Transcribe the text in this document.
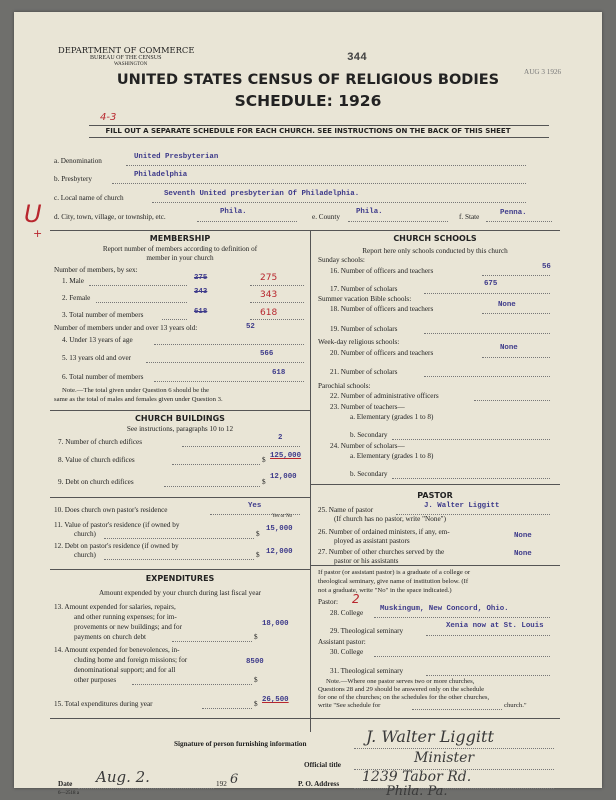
DEPARTMENT OF COMMERCE
BUREAU OF THE CENSUS
WASHINGTON
344
AUG 3 1926
UNITED STATES CENSUS OF RELIGIOUS BODIES
SCHEDULE: 1926
4-3
FILL OUT A SEPARATE SCHEDULE FOR EACH CHURCH. SEE INSTRUCTIONS ON THE BACK OF THIS SHEET
a. Denomination	United Presbyterian
b. Presbytery	Philadelphia
c. Local name of church	Seventh United presbyterian Of Philadelphia.
U
+
d. City, town, village, or township, etc.
Phila.
e. County
Phila.
f. State	Penna.
MEMBERSHIP
Report number of members according to definition of
member in your church
Number of members, by sex:
1. Male	275	275
2. Female
343	343
3. Total number of members	618	618
Number of members under and over 13 years old:	52
4. Under 13 years of age
5. 13 years old and over	566
6. Total number of members	618
Note.—The total given under Question 6 should be the
same as the total of males and females given under Question 3.
CHURCH BUILDINGS
See instructions, paragraphs 10 to 12
7. Number of church edifices	2
8. Value of church edifices	$ 125,000
9. Debt on church edifices	$
12,000
10. Does church own pastor's residence	Yes
Yes or No
11. Value of pastor's residence (if owned by
church)	$
15,000
12. Debt on pastor's residence (if owned by
church)	$ 12,000
EXPENDITURES
Amount expended by your church during last fiscal year
13. Amount expended for salaries, repairs,
and other running expenses; for im-
provements or new buildings; and for
payments on church debt	$
18,000
14. Amount expended for benevolences, in-
cluding home and foreign missions; for
denominational support; and for all
other purposes	$
8500
15. Total expenditures during year	$ 26,500
CHURCH SCHOOLS
Report here only schools conducted by this church
Sunday schools:
16. Number of officers and teachers	56
17. Number of scholars
675
Summer vacation Bible schools:
18. Number of officers and teachers	None
19. Number of scholars
Week-day religious schools:
20. Number of officers and teachers
None
21. Number of scholars
Parochial schools:
22. Number of administrative officers
23. Number of teachers—
a. Elementary (grades 1 to 8)
b. Secondary
24. Number of scholars—
a. Elementary (grades 1 to 8)
b. Secondary
PASTOR
25. Name of pastor	J. Walter Liggitt
(If church has no pastor, write "None")
26. Number of ordained ministers, if any, em-
ployed as assistant pastors
None
27. Number of other churches served by the
pastor or his assistants
None
If pastor (or assistant pastor) is a graduate of a college or
theological seminary, give name of institution below. (If
not a graduate, write "No" in the space indicated.)
Pastor: 2
28. College Muskingum, New Concord, Ohio.
29. Theological seminary
Xenia now at St. Louis
Assistant pastor:
30. College
31. Theological seminary
Note.—Where one pastor serves two or more churches,
Questions 28 and 29 should be answered only on the schedule
for one of the churches; on the schedules for the other churches,
write "See schedule for	church."
Signature of person furnishing information	J. Walter Liggitt
Official title	Minister
Date Aug. 2.	192 6
6—2518 a
P. O. Address 1239 Tabor Rd.
Phila. Pa.
